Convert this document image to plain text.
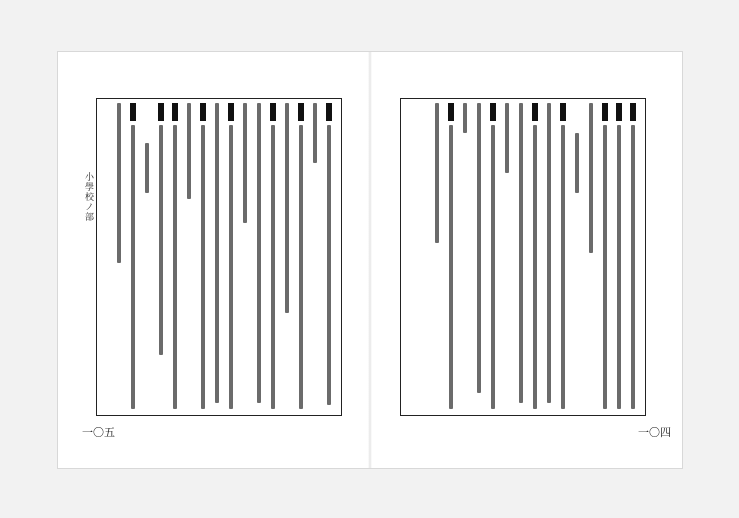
小學校ノ部
一〇五	一〇四
